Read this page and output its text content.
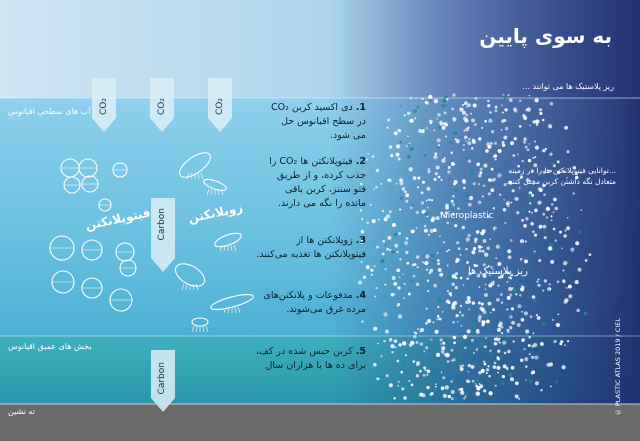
به سوی پایین
آب های سطحی اقیانوس
بخش های عمیق اقیانوس
ته نشین
CO₂	CO₂	CO₂
Carbon
Carbon
فیتوپلانکتن	زوپلانکتن
1. دی اکسید کربن CO₂
در سطح اقیانوس حل
می شود.
2. فیتوپلانکتن ها CO₂ را
جذب کرده، و از طریق
فتو سنتز، کربن باقی
مانده را نگه می دارند.
3. زوپلانکتن ها از
فیتوپلانکتن ها تغذیه می‌کنند.
4. مدفوعات و پلانکتن‌های
مرده غرق می‌شوند.
5. کربن حبس شده در کف،
برای ده ها یا هزاران سال
ریز پلاستیک ها می توانند ...
...توانایی فیتوپلانکتن ها را در زمینه
متعادل نگه داشتن کربن مختل کنند.
Microplastic
ریز پلاستیک ها
© PLASTIC ATLAS 2019 / CIEL
